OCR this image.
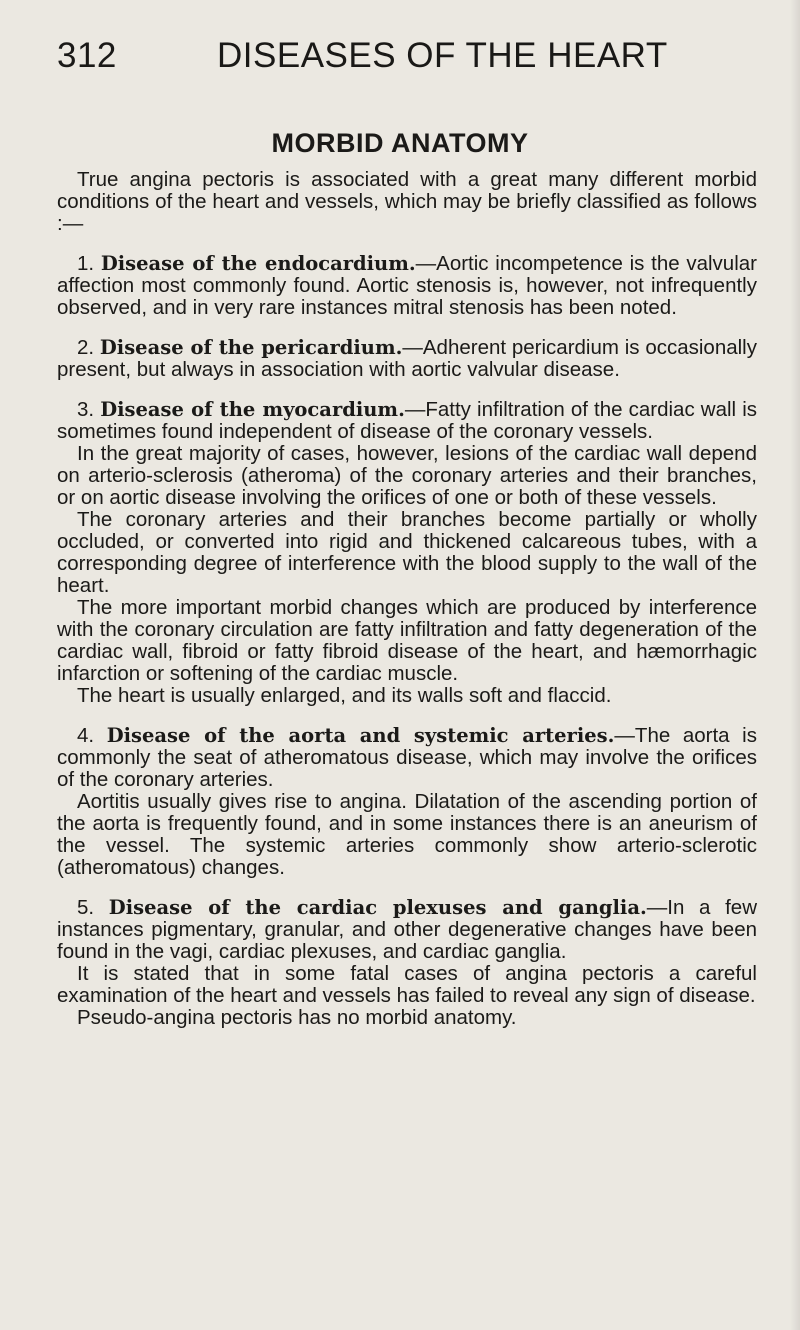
312	DISEASES OF THE HEART
MORBID ANATOMY

True angina pectoris is associated with a great many different morbid conditions of the heart and vessels, which may be briefly classified as follows :—

1. Disease of the endocardium.—Aortic incompetence is the valvular affection most commonly found. Aortic stenosis is, however, not infrequently observed, and in very rare instances mitral stenosis has been noted.

2. Disease of the pericardium.—Adherent pericardium is occasionally present, but always in association with aortic valvular disease.

3. Disease of the myocardium.—Fatty infiltration of the cardiac wall is sometimes found independent of disease of the coronary vessels.

In the great majority of cases, however, lesions of the cardiac wall depend on arterio-sclerosis (atheroma) of the coronary arteries and their branches, or on aortic disease involving the orifices of one or both of these vessels.

The coronary arteries and their branches become partially or wholly occluded, or converted into rigid and thickened calcareous tubes, with a corresponding degree of interference with the blood supply to the wall of the heart.

The more important morbid changes which are produced by interference with the coronary circulation are fatty infiltration and fatty degeneration of the cardiac wall, fibroid or fatty fibroid disease of the heart, and hæmorrhagic infarction or softening of the cardiac muscle.

The heart is usually enlarged, and its walls soft and flaccid.

4. Disease of the aorta and systemic arteries.—The aorta is commonly the seat of atheromatous disease, which may involve the orifices of the coronary arteries.

Aortitis usually gives rise to angina. Dilatation of the ascending portion of the aorta is frequently found, and in some instances there is an aneurism of the vessel. The systemic arteries commonly show arterio-sclerotic (atheromatous) changes.

5. Disease of the cardiac plexuses and ganglia.—In a few instances pigmentary, granular, and other degenerative changes have been found in the vagi, cardiac plexuses, and cardiac ganglia.

It is stated that in some fatal cases of angina pectoris a careful examination of the heart and vessels has failed to reveal any sign of disease.

Pseudo-angina pectoris has no morbid anatomy.
